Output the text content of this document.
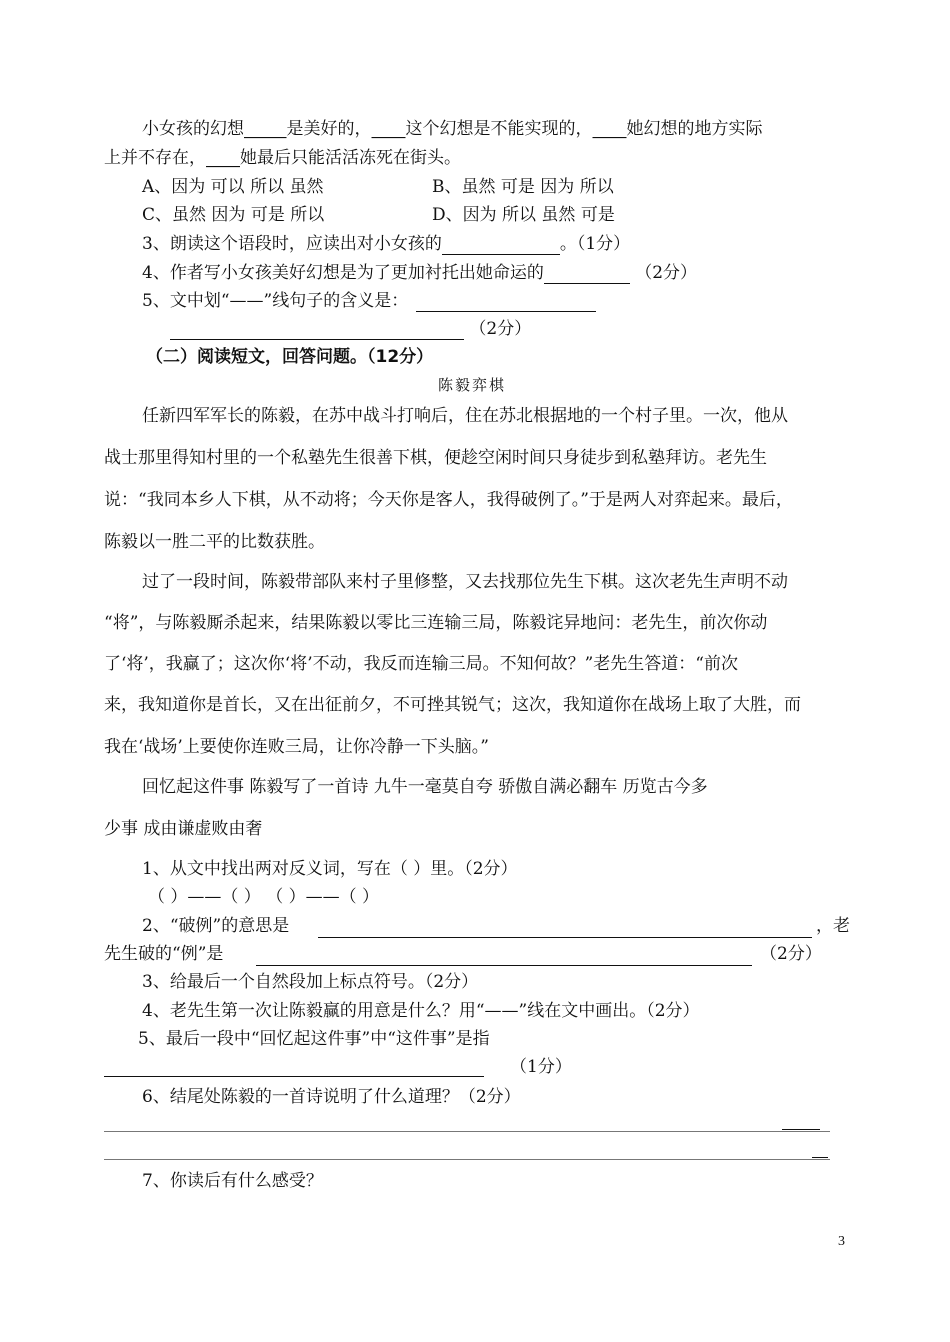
小女孩的幻想_____是美好的，____这个幻想是不能实现的，____她幻想的地方实际
上并不存在，____她最后只能活活冻死在街头。
A、因为 可以 所以 虽然	B、虽然 可是 因为 所以
C、虽然 因为 可是 所以	D、因为 所以 虽然 可是
3、朗读这个语段时，应读出对小女孩的	。（1分）
4、作者写小女孩美好幻想是为了更加衬托出她命运的	（2分）
5、文中划“——”线句子的含义是：
（2分）
（二）阅读短文，回答问题。（12分）
陈毅弈棋
任新四军军长的陈毅，在苏中战斗打响后，住在苏北根据地的一个村子里。一次，他从
战士那里得知村里的一个私塾先生很善下棋，便趁空闲时间只身徒步到私塾拜访。老先生
说：“我同本乡人下棋，从不动将；今天你是客人，我得破例了。”于是两人对弈起来。最后，
陈毅以一胜二平的比数获胜。
过了一段时间，陈毅带部队来村子里修整，又去找那位先生下棋。这次老先生声明不动
“将”，与陈毅厮杀起来，结果陈毅以零比三连输三局，陈毅诧异地问：老先生，前次你动
了‘将’，我赢了；这次你‘将’不动，我反而连输三局。不知何故？”老先生答道：“前次
来，我知道你是首长，又在出征前夕，不可挫其锐气；这次，我知道你在战场上取了大胜，而
我在‘战场’上要使你连败三局，让你冷静一下头脑。”
回忆起这件事 陈毅写了一首诗 九牛一毫莫自夸 骄傲自满必翻车 历览古今多
少事 成由谦虚败由奢
1、从文中找出两对反义词，写在（ ）里。（2分）
（ ）——（ ） （ ）——（ ）
2、“破例”的意思是	，老
先生破的“例”是	（2分）
3、给最后一个自然段加上标点符号。（2分）
4、老先生第一次让陈毅赢的用意是什么？用“——”线在文中画出。（2分）
5、最后一段中“回忆起这件事”中“这件事”是指
（1分）
6、结尾处陈毅的一首诗说明了什么道理？（2分）
7、你读后有什么感受？
3
